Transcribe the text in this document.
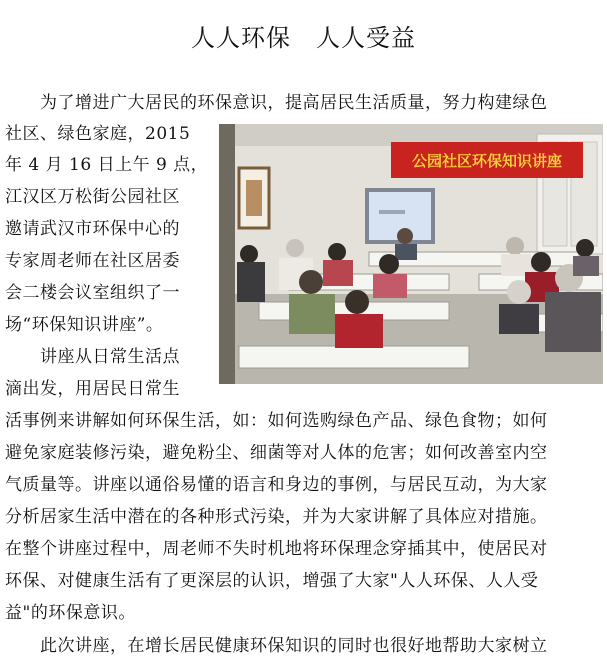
人人环保　人人受益
　　为了增进广大居民的环保意识，提高居民生活质量，努力构建绿色
社区、绿色家庭，2015
年 4 月 16 日上午 9 点，
江汉区万松街公园社区
邀请武汉市环保中心的
专家周老师在社区居委
会二楼会议室组织了一
场“环保知识讲座”。
　　讲座从日常生活点
滴出发，用居民日常生
活事例来讲解如何环保生活，如：如何选购绿色产品、绿色食物；如何
避免家庭装修污染，避免粉尘、细菌等对人体的危害；如何改善室内空
气质量等。讲座以通俗易懂的语言和身边的事例，与居民互动，为大家
分析居家生活中潜在的各种形式污染，并为大家讲解了具体应对措施。
在整个讲座过程中，周老师不失时机地将环保理念穿插其中，使居民对
环保、对健康生活有了更深层的认识，增强了大家"人人环保、人人受
益"的环保意识。
　　此次讲座，在增长居民健康环保知识的同时也很好地帮助大家树立
公园社区环保知识讲座
